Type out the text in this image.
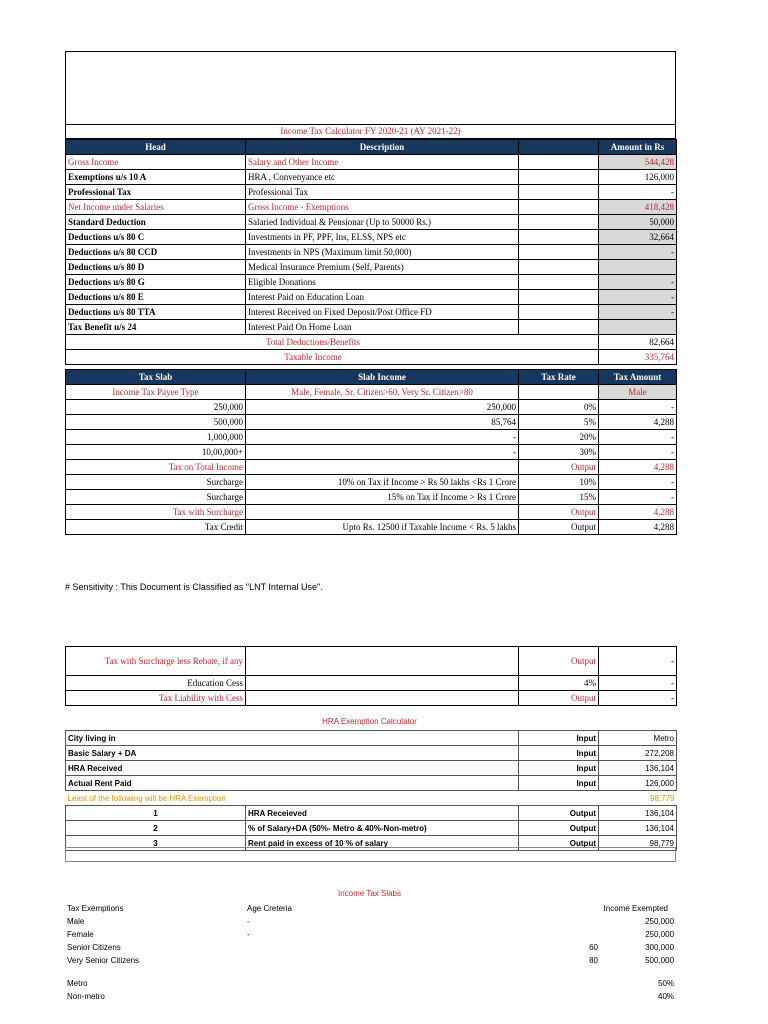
Income Tax Calculator FY 2020-21 (AY 2021-22)
Head	Description		Amount in Rs
Gross Income	Salary and Other Income		544,428
Exemptions u/s 10 A	HRA , Convenyance etc		126,000
Professional Tax	Professional Tax		-
Net Income under Salaries	Gross Income - Exemptions		418,428
Standard Deduction	Salaried Individual & Pensionar (Up to 50000 Rs.)		50,000
Deductions u/s 80 C	Investments in PF, PPF, Ins, ELSS, NPS etc		32,664
Deductions u/s 80 CCD	Investments in NPS (Maximum limit 50,000)		-
Deductions u/s 80 D	Medical Insurance Premium (Self, Parents)		
Deductions u/s 80 G	Eligible Donations		-
Deductions u/s 80 E	Interest Paid on Education Loan		-
Deductions u/s 80 TTA	Interest Received on Fixed Deposit/Post Office FD		-
Tax Benefit u/s 24	Interest Paid On Home Loan		
Total Deductions/Benefits			82,664
Taxable Income			335,764
Tax Slab	Slab Income	Tax Rate	Tax Amount
Income Tax Payee Type	Male, Female, Sr. Citizen>60, Very Sr. Citizen>80		Male
250,000	250,000	0%	-
500,000	85,764	5%	4,288
1,000,000	-	20%	-
10,00,000+	-	30%	-
Tax on Total Income		Output	4,288
Surcharge	10% on Tax if Income > Rs 50 lakhs <Rs 1 Crore	10%	-
Surcharge	15% on Tax if Income > Rs 1 Crore	15%	-
Tax with Surcharge		Output	4,288
Tax Credit	Upto Rs. 12500 if Taxable Income < Rs. 5 lakhs	Output	4,288
# Sensitivity : This Document is Classified as "LNT Internal Use".
Tax with Surcharge less Rebate, if any		Output	-
Education Cess		4%	-
Tax Liability with Cess		Output	-
HRA Exemption Calculator
City living in		Input	Metro
Basic Salary + DA		Input	272,208
HRA Received		Input	136,104
Actual Rent Paid		Input	126,000
Least of the following will be HRA Exemption			98,779
1	HRA Receieved	Output	136,104
2	% of Salary+DA (50%- Metro & 40%-Non-metro)	Output	136,104
3	Rent paid in excess of 10 % of salary	Output	98,779
Income Tax Slabs
Tax Exemptions	Age Creteria	Income Exempted	
Male	-		250,000
Female	-		250,000
Senior Citizens		60	300,000
Very Senior Citizens		80	500,000

Metro			50%
Non-metro			40%
